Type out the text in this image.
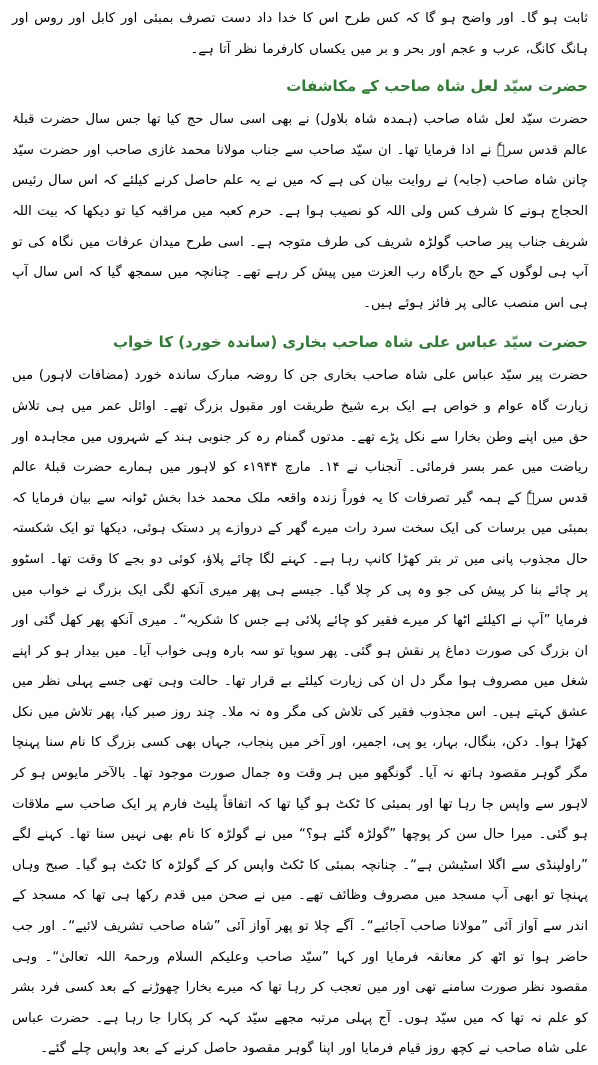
ثابت ہو گا۔ اور واضح ہو گا کہ کس طرح اس کا خدا داد دست تصرف بمبئی اور کابل اور روس اور ہانگ کانگ، عرب و عجم اور بحر و بر میں یکساں کارفرما نظر آتا ہے۔

حضرت سیّد لعل شاہ صاحب کے مکاشفات

حضرت سیّد لعل شاہ صاحب (ہمدہ شاہ بلاول) نے بھی اسی سال حج کیا تھا جس سال حضرت قبلۂ عالم قدس سرہٗ نے ادا فرمایا تھا۔ ان سیّد صاحب سے جناب مولانا محمد غازی صاحب اور حضرت سیّد چانن شاہ صاحب (جابہ) نے روایت بیان کی ہے کہ میں نے یہ علم حاصل کرنے کیلئے کہ اس سال رئیس الحجاج ہونے کا شرف کس ولی اللہ کو نصیب ہوا ہے۔ حرم کعبہ میں مراقبہ کیا تو دیکھا کہ بیت اللہ شریف جناب پیر صاحب گولڑہ شریف کی طرف متوجہ ہے۔ اسی طرح میدان عرفات میں نگاہ کی تو آپ ہی لوگوں کے حج بارگاہ رب العزت میں پیش کر رہے تھے۔ چنانچہ میں سمجھ گیا کہ اس سال آپ ہی اس منصب عالی پر فائز ہوئے ہیں۔

حضرت سیّد عباس علی شاہ صاحب بخاری (ساندہ خورد) کا خواب

حضرت پیر سیّد عباس علی شاہ صاحب بخاری جن کا روضہ مبارک ساندہ خورد (مضافات لاہور) میں زیارت گاہ عوام و خواص ہے ایک برے شیخ طریقت اور مقبول بزرگ تھے۔ اوائل عمر میں ہی تلاش حق میں اپنے وطن بخارا سے نکل پڑے تھے۔ مدتوں گمنام رہ کر جنوبی ہند کے شہروں میں مجاہدہ اور ریاضت میں عمر بسر فرمائی۔ آنجناب نے ۱۴۔ مارچ ۱۹۴۴ء کو لاہور میں ہمارے حضرت قبلۂ عالم قدس سرہٗ کے ہمہ گیر تصرفات کا یہ فوراً زندہ واقعہ ملک محمد خدا بخش ٹوانہ سے بیان فرمایا کہ بمبئی میں برسات کی ایک سخت سرد رات میرے گھر کے دروازے پر دستک ہوئی، دیکھا تو ایک شکستہ حال مجذوب پانی میں تر بتر کھڑا کانپ رہا ہے۔ کہنے لگا چائے پلاؤ، کوئی دو بجے کا وقت تھا۔ اسٹوو پر چائے بنا کر پیش کی جو وہ پی کر چلا گیا۔ جیسے ہی پھر میری آنکھ لگی ایک بزرگ نے خواب میں فرمایا ”آپ نے اکیلئے اٹھا کر میرے فقیر کو چائے پلائی ہے جس کا شکریہ“۔ میری آنکھ پھر کھل گئی اور ان بزرگ کی صورت دماغ پر نقش ہو گئی۔ پھر سویا تو سہ بارہ وہی خواب آیا۔ میں بیدار ہو کر اپنے شغل میں مصروف ہوا مگر دل ان کی زیارت کیلئے بے قرار تھا۔ حالت وہی تھی جسے پہلی نظر میں عشق کہتے ہیں۔ اس مجذوب فقیر کی تلاش کی مگر وہ نہ ملا۔ چند روز صبر کیا، پھر تلاش میں نکل کھڑا ہوا۔ دکن، بنگال، بہار، یو پی، اجمیر، اور آخر میں پنجاب، جہاں بھی کسی بزرگ کا نام سنا پہنچا مگر گوہر مقصود ہاتھ نہ آیا۔ گونگھو میں ہر وقت وہ جمال صورت موجود تھا۔ بالآخر مایوس ہو کر لاہور سے واپس جا رہا تھا اور بمبئی کا ٹکٹ ہو گیا تھا کہ اتفاقاً پلیٹ فارم پر ایک صاحب سے ملاقات ہو گئی۔ میرا حال سن کر پوچھا ”گولڑہ گئے ہو؟“ میں نے گولڑہ کا نام بھی نہیں سنا تھا۔ کہنے لگے ”راولپنڈی سے اگلا اسٹیشن ہے“۔ چنانچہ بمبئی کا ٹکٹ واپس کر کے گولڑہ کا ٹکٹ ہو گیا۔ صبح وہاں پہنچا تو ابھی آپ مسجد میں مصروف وظائف تھے۔ میں نے صحن میں قدم رکھا ہی تھا کہ مسجد کے اندر سے آواز آئی ”مولانا صاحب آجائیے“۔ آگے چلا تو پھر آواز آئی ”شاہ صاحب تشریف لائیے“۔ اور جب حاضر ہوا تو اٹھ کر معانقہ فرمایا اور کہا ”سیّد صاحب وعلیکم السلام ورحمۃ اللہ تعالیٰ“۔ وہی مقصود نظر صورت سامنے تھی اور میں تعجب کر رہا تھا کہ میرے بخارا چھوڑنے کے بعد کسی فرد بشر کو علم نہ تھا کہ میں سیّد ہوں۔ آج پہلی مرتبہ مجھے سیّد کہہ کر پکارا جا رہا ہے۔ حضرت عباس علی شاہ صاحب نے کچھ روز قیام فرمایا اور اپنا گوہر مقصود حاصل کرنے کے بعد واپس چلے گئے۔
